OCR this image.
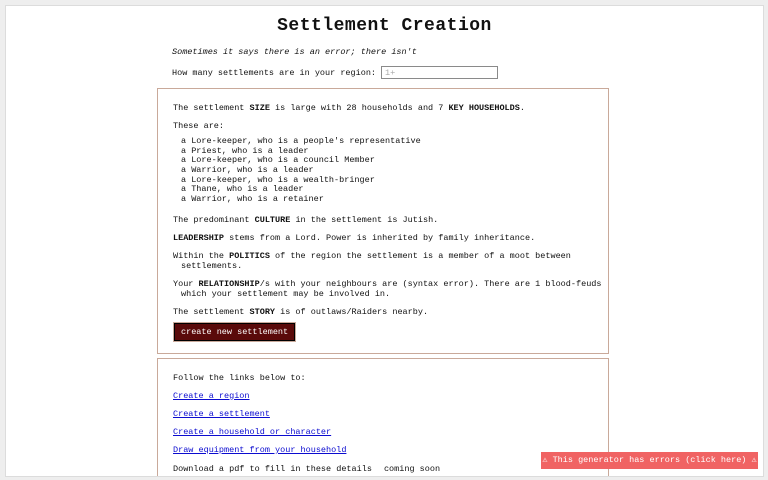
Settlement Creation
Sometimes it says there is an error; there isn't
How many settlements are in your region:
1+
The settlement SIZE is large with 28 households and 7 KEY HOUSEHOLDS.
These are:
a Lore-keeper, who is a people's representative
a Priest, who is a leader
a Lore-keeper, who is a council Member
a Warrior, who is a leader
a Lore-keeper, who is a wealth-bringer
a Thane, who is a leader
a Warrior, who is a retainer
The predominant CULTURE in the settlement is Jutish.
LEADERSHIP stems from a Lord. Power is inherited by family inheritance.
Within the POLITICS of the region the settlement is a member of a moot between
settlements.
Your RELATIONSHIP/s with your neighbours are (syntax error). There are 1 blood-feuds
which your settlement may be involved in.
The settlement STORY is of outlaws/Raiders nearby.
create new settlement
Follow the links below to:
Create a region
Create a settlement
Create a household or character
Draw equipment from your household
Download a pdf to fill in these details coming soon
⚠ This generator has errors (click here) ⚠
